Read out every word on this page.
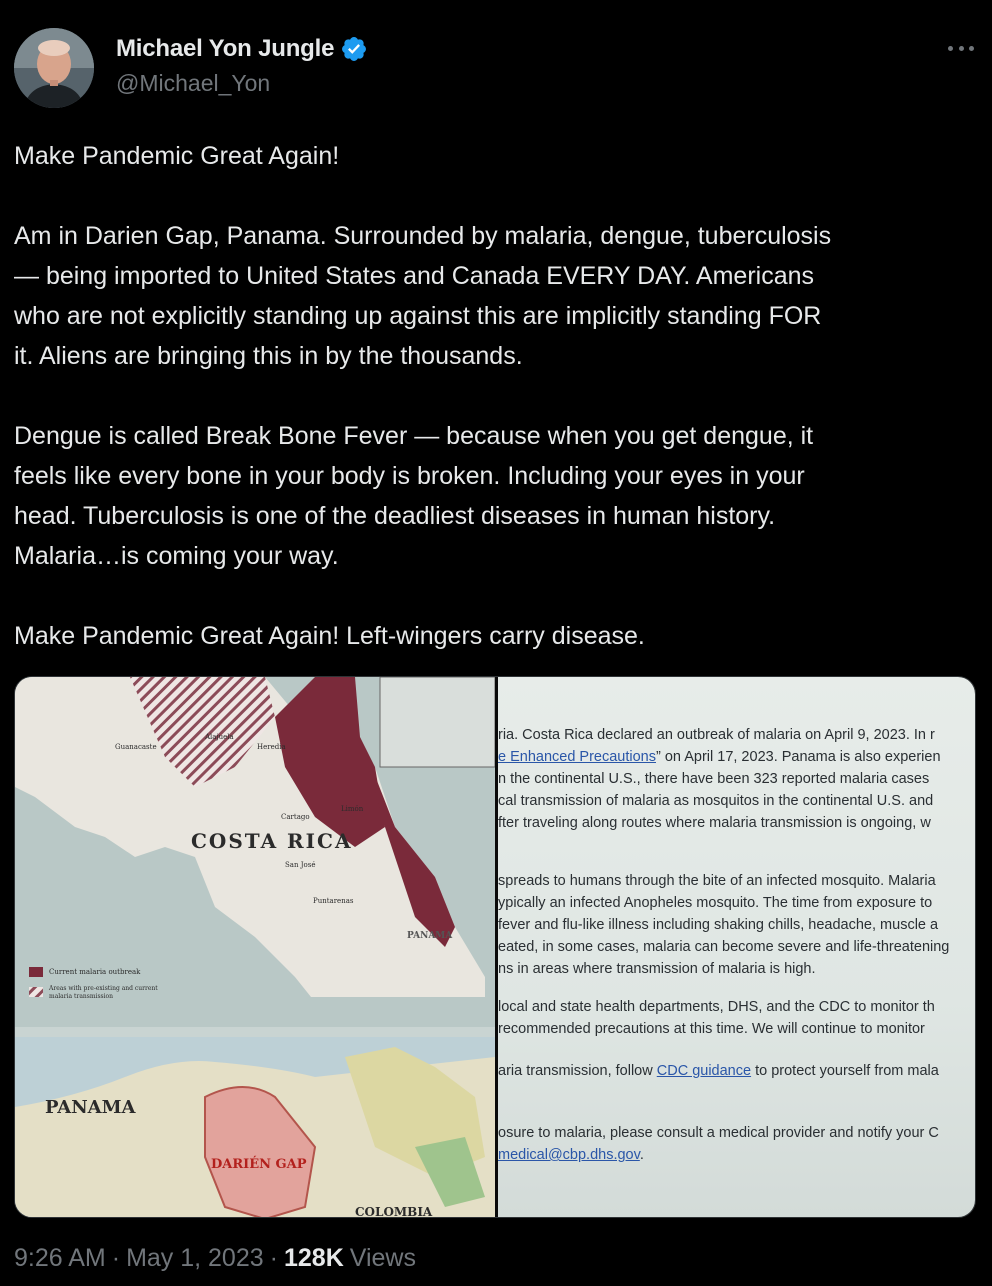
Michael Yon Jungle
@Michael_Yon

Make Pandemic Great Again!

Am in Darien Gap, Panama. Surrounded by malaria, dengue, tuberculosis
— being imported to United States and Canada EVERY DAY. Americans
who are not explicitly standing up against this are implicitly standing FOR
it. Aliens are bringing this in by the thousands.

Dengue is called Break Bone Fever — because when you get dengue, it
feels like every bone in your body is broken. Including your eyes in your
head. Tuberculosis is one of the deadliest diseases in human history.
Malaria…is coming your way.

Make Pandemic Great Again! Left-wingers carry disease.

COSTA RICA
PANAMA
Guanacaste
Alajuela
Heredia
Cartago
Limón
San José
Puntarenas
Current malaria outbreak
Areas with pre-existing and current malaria transmission
PANAMA
DARIÉN GAP
COLOMBIA
ria. Costa Rica declared an outbreak of malaria on April 9, 2023. In r
e Enhanced Precautions” on April 17, 2023. Panama is also experien
n the continental U.S., there have been 323 reported malaria cases
cal transmission of malaria as mosquitos in the continental U.S. and
fter traveling along routes where malaria transmission is ongoing, w
spreads to humans through the bite of an infected mosquito. Malaria
ypically an infected Anopheles mosquito. The time from exposure to
fever and flu-like illness including shaking chills, headache, muscle a
eated, in some cases, malaria can become severe and life-threatening
ns in areas where transmission of malaria is high.
local and state health departments, DHS, and the CDC to monitor th
recommended precautions at this time. We will continue to monitor
aria transmission, follow CDC guidance to protect yourself from mala
osure to malaria, please consult a medical provider and notify your C
medical@cbp.dhs.gov.
9:26 AM · May 1, 2023 · 128K Views
